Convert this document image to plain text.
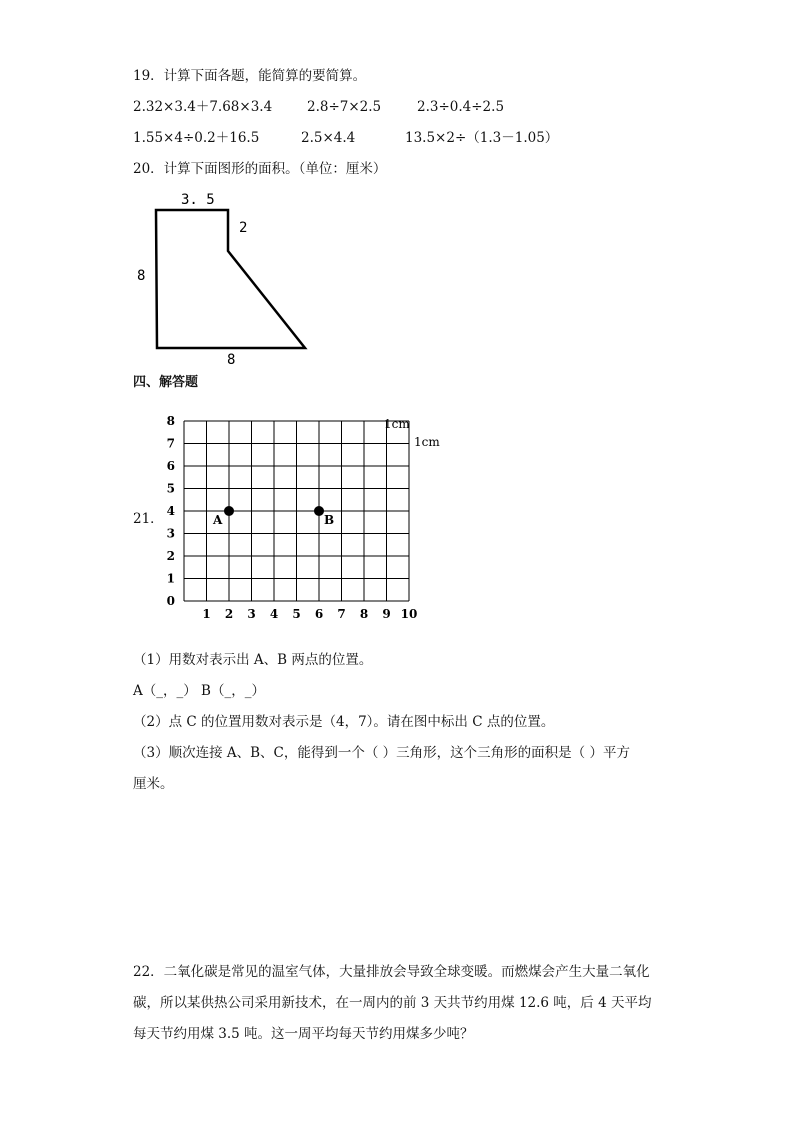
19．计算下面各题，能简算的要简算。
2.32×3.4＋7.68×3.4	2.8÷7×2.5	2.3÷0.4÷2.5
1.55×4÷0.2＋16.5	2.5×4.4	13.5×2÷（1.3－1.05）
20．计算下面图形的面积。（单位：厘米）
3. 5
2
8
8
四、解答题
21．
1 2 3 4 5 6 7 8 9 10
0
1
2
3
4
5
6
7
8
A	B
1cm
1cm
（1）用数对表示出 A、B 两点的位置。
A（_，_） B（_，_）
（2）点 C 的位置用数对表示是（4，7）。请在图中标出 C 点的位置。
（3）顺次连接 A、B、C，能得到一个（ ）三角形，这个三角形的面积是（ ）平方
厘米。
22．二氧化碳是常见的温室气体，大量排放会导致全球变暖。而燃煤会产生大量二氧化
碳，所以某供热公司采用新技术，在一周内的前 3 天共节约用煤 12.6 吨，后 4 天平均
每天节约用煤 3.5 吨。这一周平均每天节约用煤多少吨？
